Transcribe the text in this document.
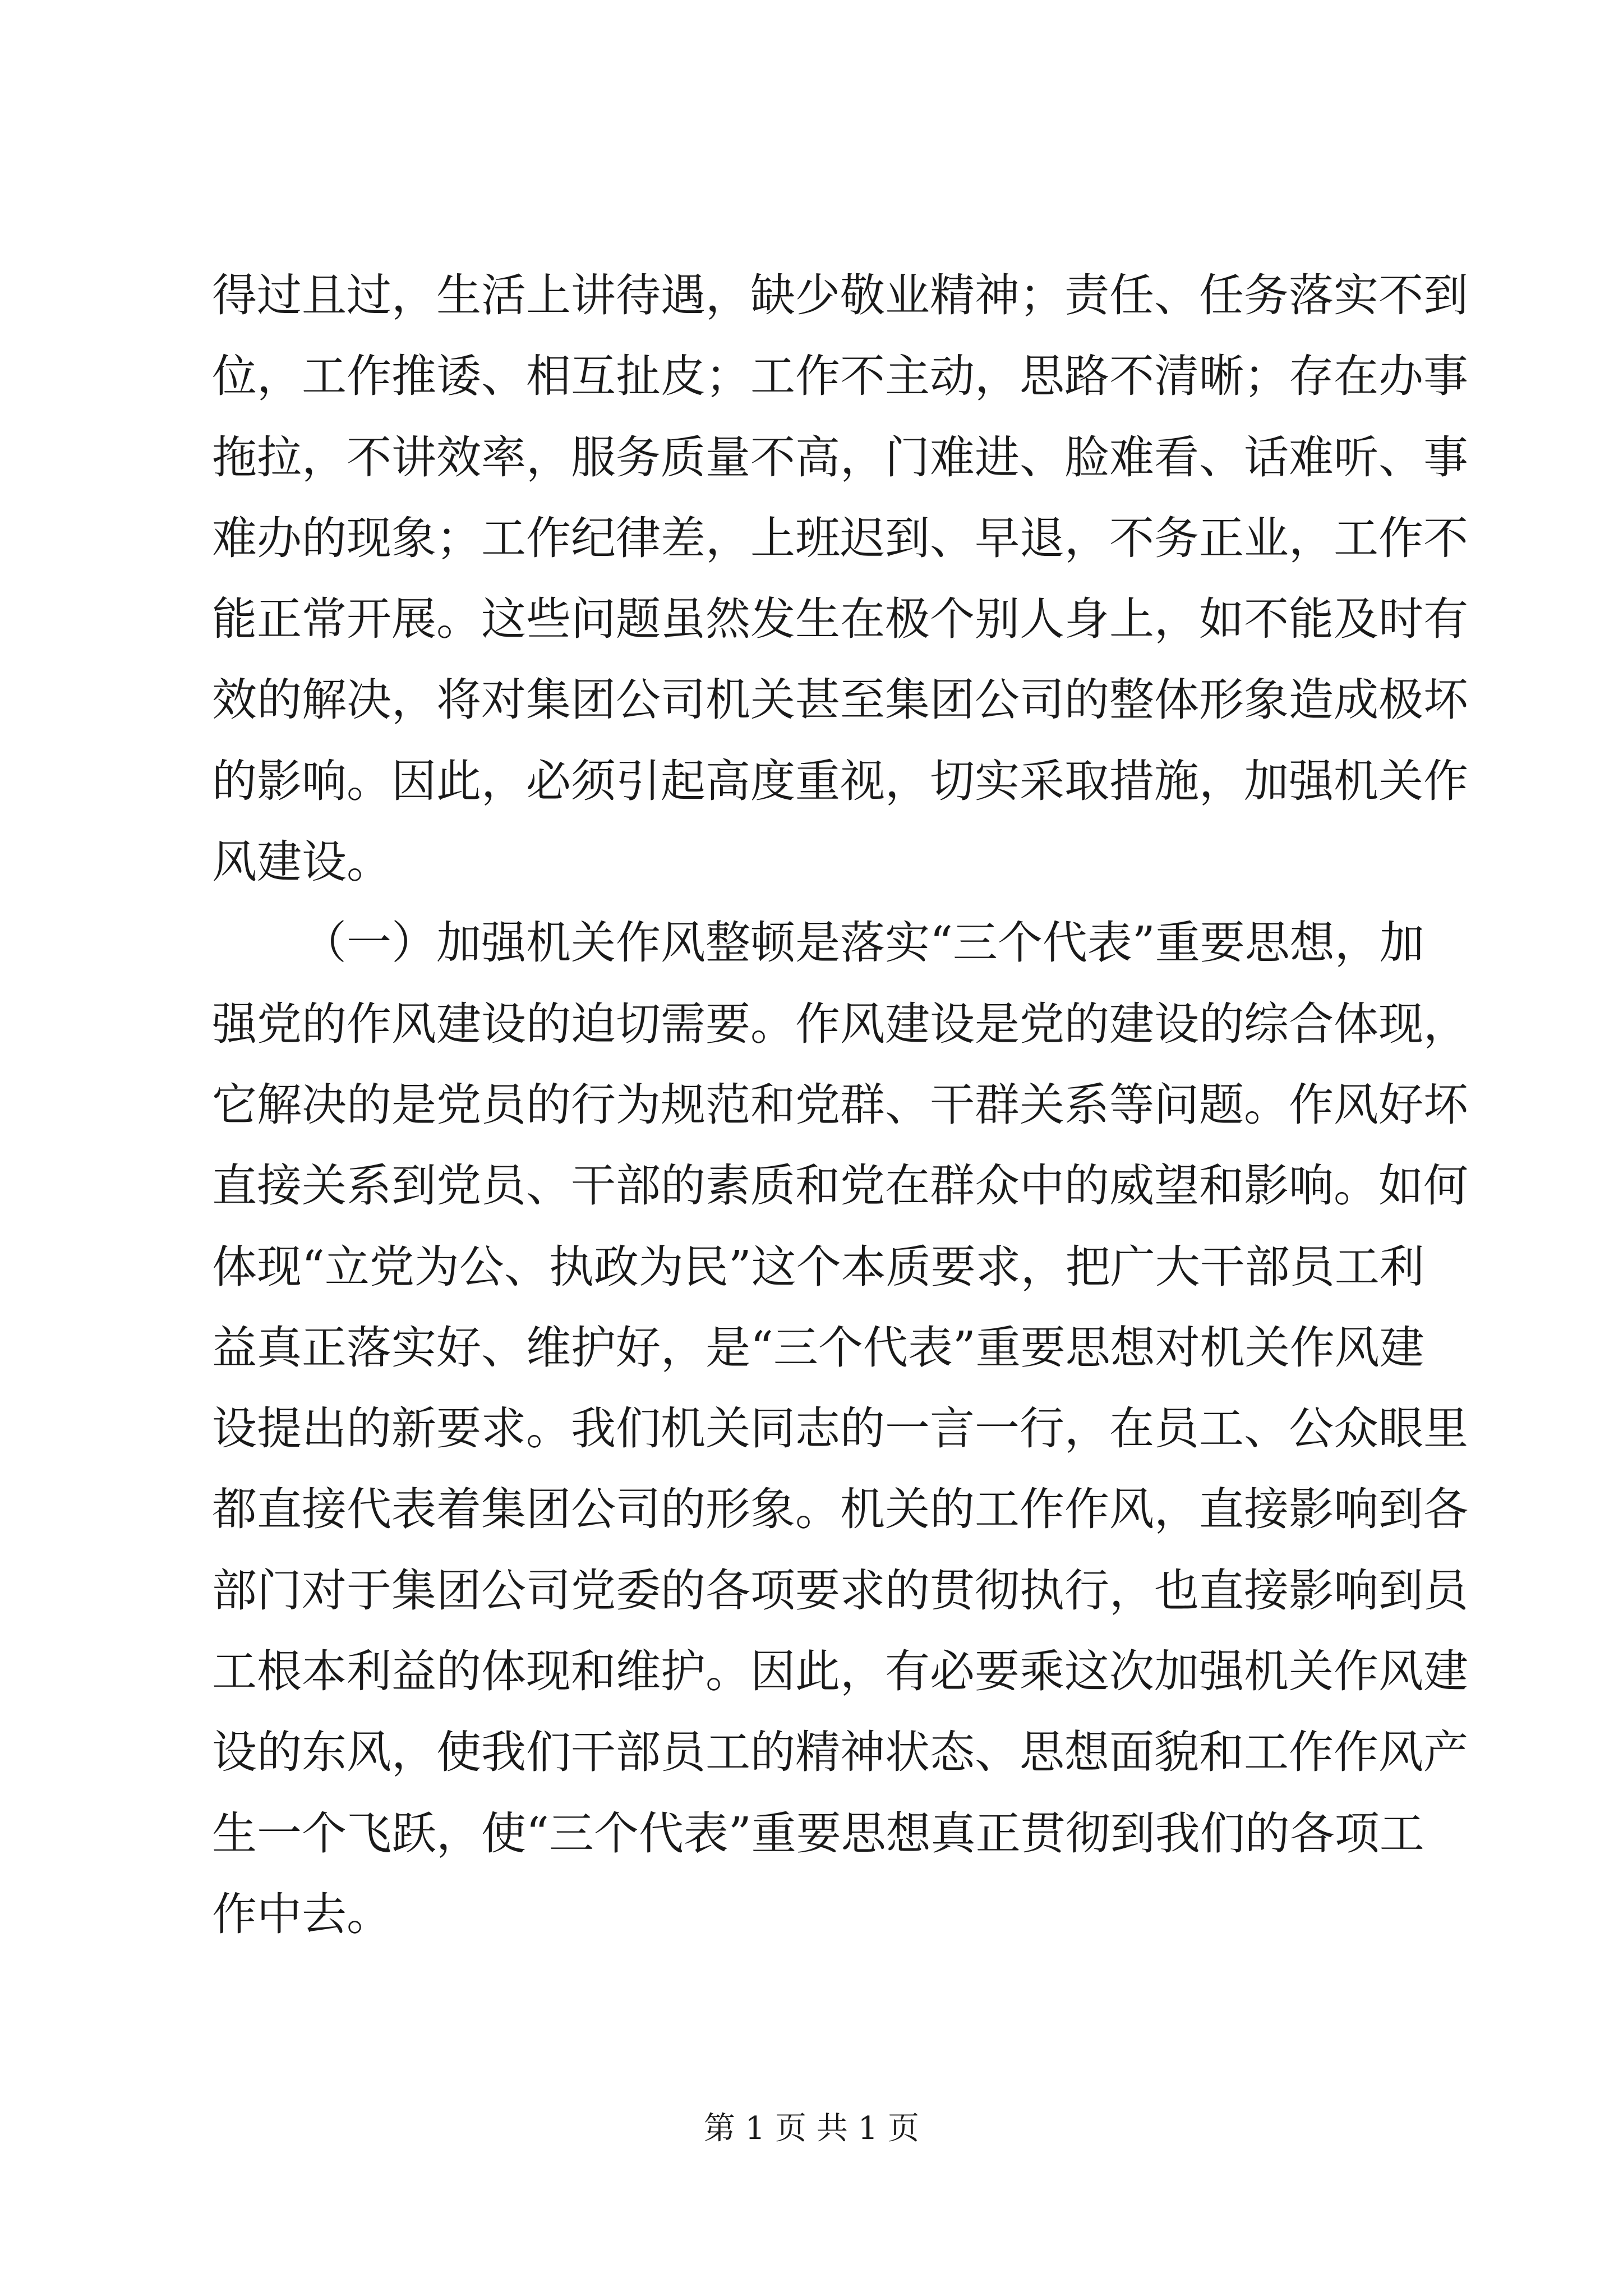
得过且过，生活上讲待遇，缺少敬业精神；责任、任务落实不到
位，工作推诿、相互扯皮；工作不主动，思路不清晰；存在办事
拖拉，不讲效率，服务质量不高，门难进、脸难看、话难听、事
难办的现象；工作纪律差，上班迟到、早退，不务正业，工作不
能正常开展。这些问题虽然发生在极个别人身上，如不能及时有
效的解决，将对集团公司机关甚至集团公司的整体形象造成极坏
的影响。因此，必须引起高度重视，切实采取措施，加强机关作
风建设。
（一）加强机关作风整顿是落实“三个代表”重要思想，加
强党的作风建设的迫切需要。作风建设是党的建设的综合体现，
它解决的是党员的行为规范和党群、干群关系等问题。作风好坏
直接关系到党员、干部的素质和党在群众中的威望和影响。如何
体现“立党为公、执政为民”这个本质要求，把广大干部员工利
益真正落实好、维护好，是“三个代表”重要思想对机关作风建
设提出的新要求。我们机关同志的一言一行，在员工、公众眼里
都直接代表着集团公司的形象。机关的工作作风，直接影响到各
部门对于集团公司党委的各项要求的贯彻执行，也直接影响到员
工根本利益的体现和维护。因此，有必要乘这次加强机关作风建
设的东风，使我们干部员工的精神状态、思想面貌和工作作风产
生一个飞跃，使“三个代表”重要思想真正贯彻到我们的各项工
作中去。
第 1 页 共 1 页
